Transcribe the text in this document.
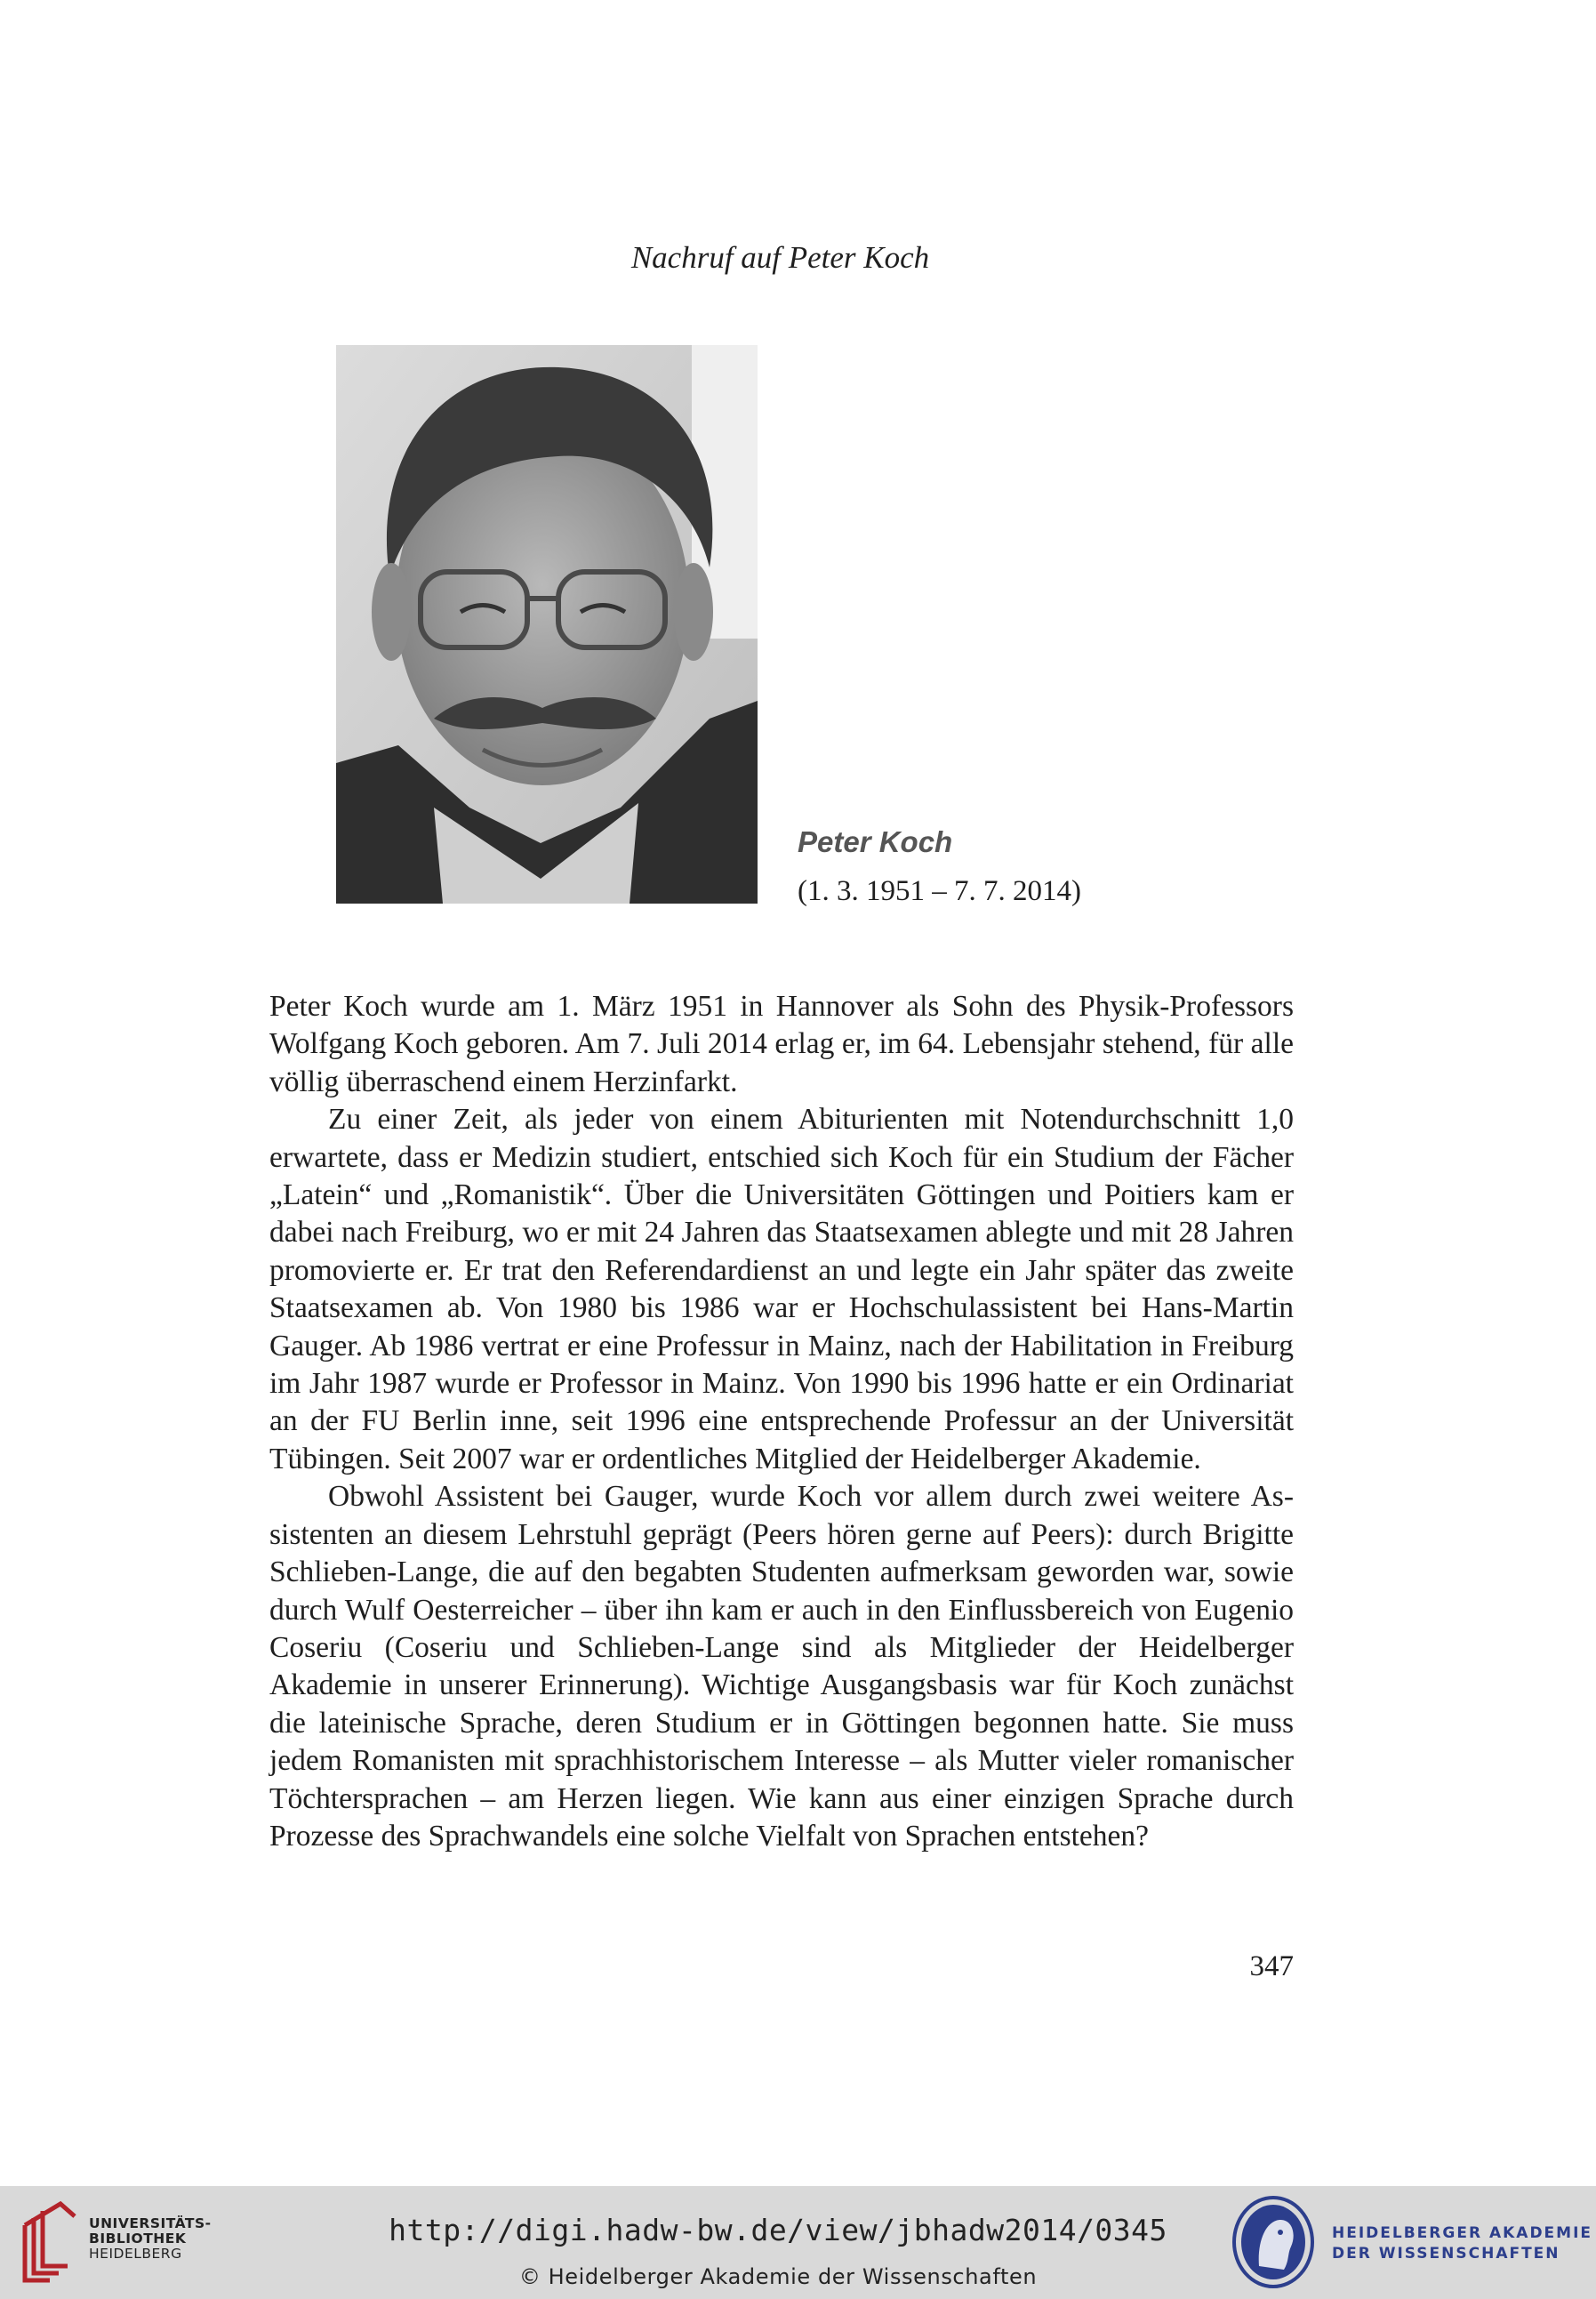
Nachruf auf Peter Koch
Peter Koch
(1. 3. 1951 – 7. 7. 2014)

Peter Koch wurde am 1. März 1951 in Hannover als Sohn des Physik-Professors Wolfgang Koch geboren. Am 7. Juli 2014 erlag er, im 64. Lebensjahr stehend, für alle völlig überraschend einem Herzinfarkt.

Zu einer Zeit, als jeder von einem Abiturienten mit Notendurchschnitt 1,0 erwartete, dass er Medizin studiert, entschied sich Koch für ein Studium der Fächer „Latein“ und „Romanistik“. Über die Universitäten Göttingen und Poitiers kam er dabei nach Freiburg, wo er mit 24 Jahren das Staatsexamen ablegte und mit 28 Jahren promovierte er. Er trat den Referendardienst an und legte ein Jahr später das zweite Staatsexamen ab. Von 1980 bis 1986 war er Hochschulassistent bei Hans-Martin Gauger. Ab 1986 vertrat er eine Professur in Mainz, nach der Habilitation in Freiburg im Jahr 1987 wurde er Professor in Mainz. Von 1990 bis 1996 hatte er ein Ordinariat an der FU Berlin inne, seit 1996 eine entsprechende Professur an der Universität Tübingen. Seit 2007 war er ordentliches Mitglied der Heidelberger Akademie.

Obwohl Assistent bei Gauger, wurde Koch vor allem durch zwei weitere Assistenten an diesem Lehrstuhl geprägt (Peers hören gerne auf Peers): durch Brigitte Schlieben-Lange, die auf den begabten Studenten aufmerksam geworden war, sowie durch Wulf Oesterreicher – über ihn kam er auch in den Einflussbereich von Eugenio Coseriu (Coseriu und Schlieben-Lange sind als Mitglieder der Heidelberger Akademie in unserer Erinnerung). Wichtige Ausgangsbasis war für Koch zunächst die lateinische Sprache, deren Studium er in Göttingen begonnen hatte. Sie muss jedem Romanisten mit sprachhistorischem Interesse – als Mutter vieler romanischer Töchtersprachen – am Herzen liegen. Wie kann aus einer einzigen Sprache durch Prozesse des Sprachwandels eine solche Vielfalt von Sprachen entstehen?

347
UNIVERSITÄTS-
BIBLIOTHEK
HEIDELBERG
http://digi.hadw-bw.de/view/jbhadw2014/0345
© Heidelberger Akademie der Wissenschaften
HEIDELBERGER AKADEMIE
DER WISSENSCHAFTEN
